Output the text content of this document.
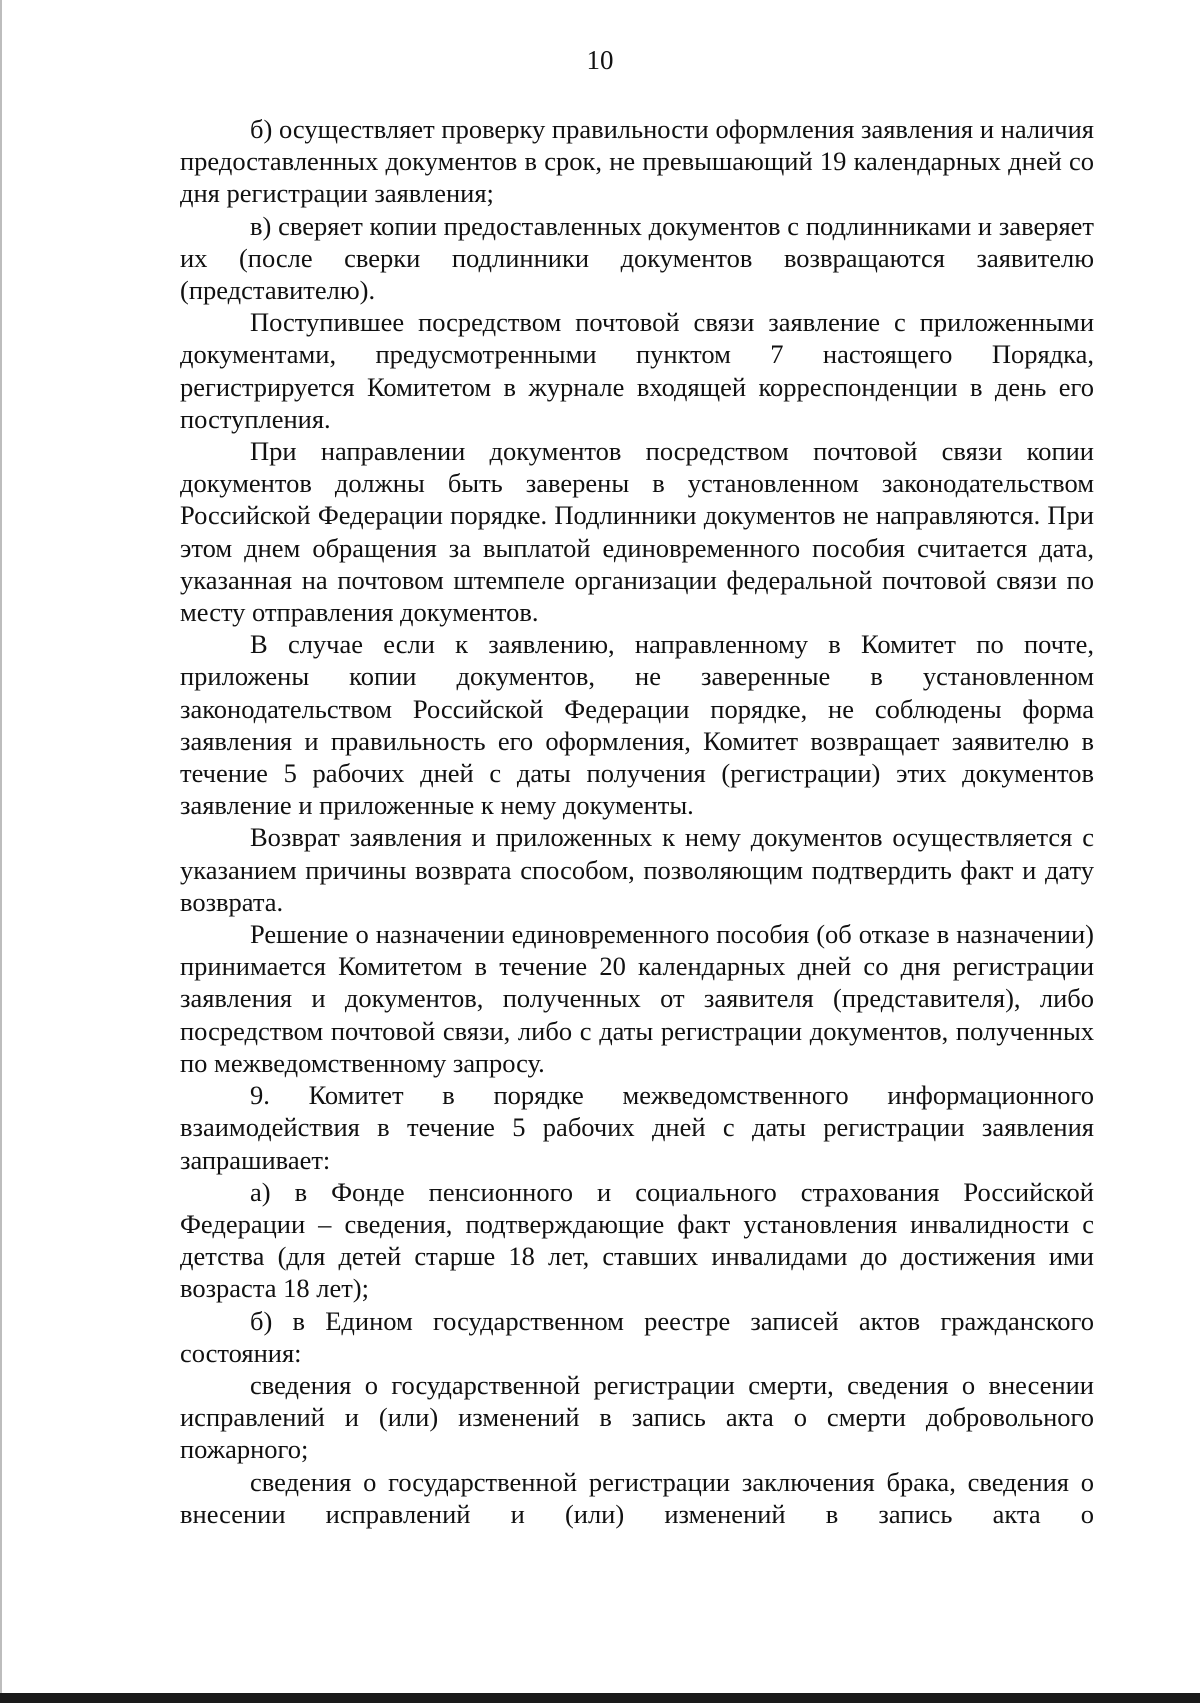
10

б) осуществляет проверку правильности оформления заявления и наличия предоставленных документов в срок, не превышающий 19 календарных дней со дня регистрации заявления;

в) сверяет копии предоставленных документов с подлинниками и заверяет их (после сверки подлинники документов возвращаются заявителю (представителю).

Поступившее посредством почтовой связи заявление с приложенными документами, предусмотренными пунктом 7 настоящего Порядка, регистрируется Комитетом в журнале входящей корреспонденции в день его поступления.

При направлении документов посредством почтовой связи копии документов должны быть заверены в установленном законодательством Российской Федерации порядке. Подлинники документов не направляются. При этом днем обращения за выплатой единовременного пособия считается дата, указанная на почтовом штемпеле организации федеральной почтовой связи по месту отправления документов.

В случае если к заявлению, направленному в Комитет по почте, приложены копии документов, не заверенные в установленном законодательством Российской Федерации порядке, не соблюдены форма заявления и правильность его оформления, Комитет возвращает заявителю в течение 5 рабочих дней с даты получения (регистрации) этих документов заявление и приложенные к нему документы.

Возврат заявления и приложенных к нему документов осуществляется с указанием причины возврата способом, позволяющим подтвердить факт и дату возврата.

Решение о назначении единовременного пособия (об отказе в назначении) принимается Комитетом в течение 20 календарных дней со дня регистрации заявления и документов, полученных от заявителя (представителя), либо посредством почтовой связи, либо с даты регистрации документов, полученных по межведомственному запросу.

9. Комитет в порядке межведомственного информационного взаимодействия в течение 5 рабочих дней с даты регистрации заявления запрашивает:

а) в Фонде пенсионного и социального страхования Российской Федерации – сведения, подтверждающие факт установления инвалидности с детства (для детей старше 18 лет, ставших инвалидами до достижения ими возраста 18 лет);

б) в Едином государственном реестре записей актов гражданского состояния:

сведения о государственной регистрации смерти, сведения о внесении исправлений и (или) изменений в запись акта о смерти добровольного пожарного;

сведения о государственной регистрации заключения брака, сведения о внесении исправлений и (или) изменений в запись акта о
